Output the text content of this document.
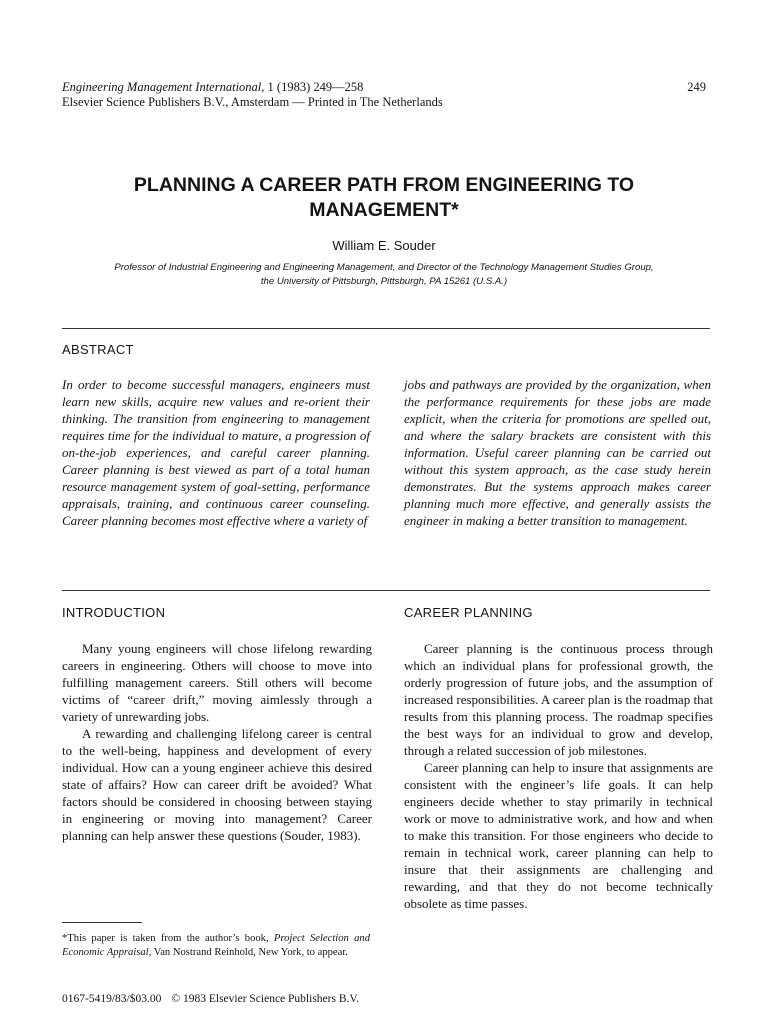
Engineering Management International, 1 (1983) 249—258
Elsevier Science Publishers B.V., Amsterdam — Printed in The Netherlands
249
PLANNING A CAREER PATH FROM ENGINEERING TO
MANAGEMENT*
William E. Souder
Professor of Industrial Engineering and Engineering Management, and Director of the Technology Management Studies Group,
the University of Pittsburgh, Pittsburgh, PA 15261 (U.S.A.)
ABSTRACT
In order to become successful managers, engineers must learn new skills, acquire new values and re-orient their thinking. The transition from engineering to management requires time for the individual to mature, a progression of on-the-job experiences, and careful career planning. Career planning is best viewed as part of a total human resource management system of goal-setting, performance appraisals, training, and continuous career counseling. Career planning becomes most effective where a variety of
jobs and pathways are provided by the organization, when the performance requirements for these jobs are made explicit, when the criteria for promotions are spelled out, and where the salary brackets are consistent with this information. Useful career planning can be carried out without this system approach, as the case study herein demonstrates. But the systems approach makes career planning much more effective, and generally assists the engineer in making a better transition to management.
INTRODUCTION

Many young engineers will chose lifelong rewarding careers in engineering. Others will choose to move into fulfilling management careers. Still others will become victims of “career drift,” moving aimlessly through a variety of unrewarding jobs.

A rewarding and challenging lifelong career is central to the well-being, happiness and development of every individual. How can a young engineer achieve this desired state of affairs? How can career drift be avoided? What factors should be considered in choosing between staying in engineering or moving into management? Career planning can help answer these questions (Souder, 1983).

CAREER PLANNING

Career planning is the continuous process through which an individual plans for professional growth, the orderly progression of future jobs, and the assumption of increased responsibilities. A career plan is the roadmap that results from this planning process. The roadmap specifies the best ways for an individual to grow and develop, through a related succession of job milestones.

Career planning can help to insure that assignments are consistent with the engineer’s life goals. It can help engineers decide whether to stay primarily in technical work or move to administrative work, and how and when to make this transition. For those engineers who decide to remain in technical work, career planning can help to insure that their assignments are challenging and rewarding, and that they do not become technically obsolete as time passes.

*This paper is taken from the author’s book, Project Selection and Economic Appraisal, Van Nostrand Reinhold, New York, to appear.
0167-5419/83/$03.00 © 1983 Elsevier Science Publishers B.V.
